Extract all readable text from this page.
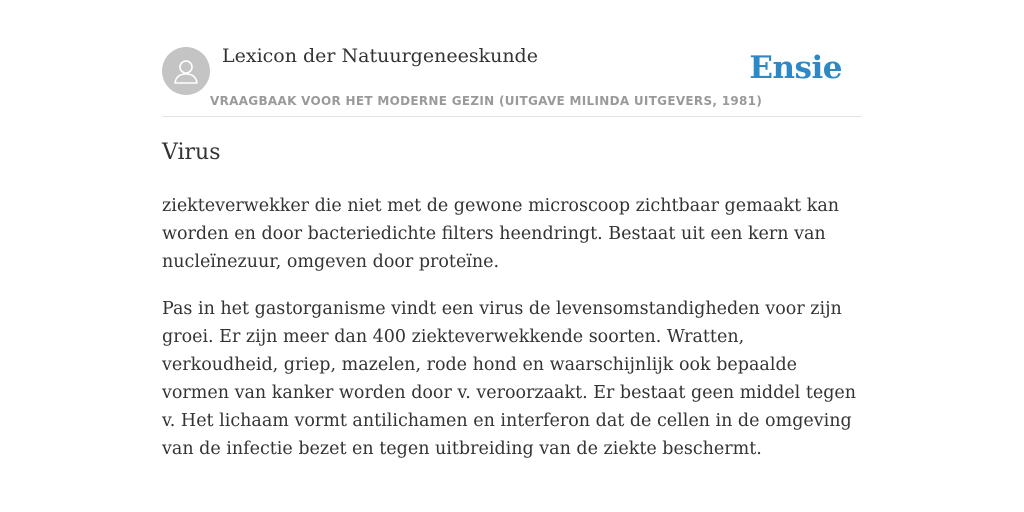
Lexicon der Natuurgeneeskunde
VRAAGBAAK VOOR HET MODERNE GEZIN (UITGAVE MILINDA UITGEVERS, 1981)
Ensie
Virus

ziekteverwekker die niet met de gewone microscoop zichtbaar gemaakt kan worden en door bacteriedichte filters heendringt. Bestaat uit een kern van nucleïnezuur, omgeven door proteïne.

Pas in het gastorganisme vindt een virus de levensomstandigheden voor zijn groei. Er zijn meer dan 400 ziekteverwekkende soorten. Wratten, verkoudheid, griep, mazelen, rode hond en waarschijnlijk ook bepaalde vormen van kanker worden door v. veroorzaakt. Er bestaat geen middel tegen v. Het lichaam vormt antilichamen en interferon dat de cellen in de omgeving van de infectie bezet en tegen uitbreiding van de ziekte beschermt.
